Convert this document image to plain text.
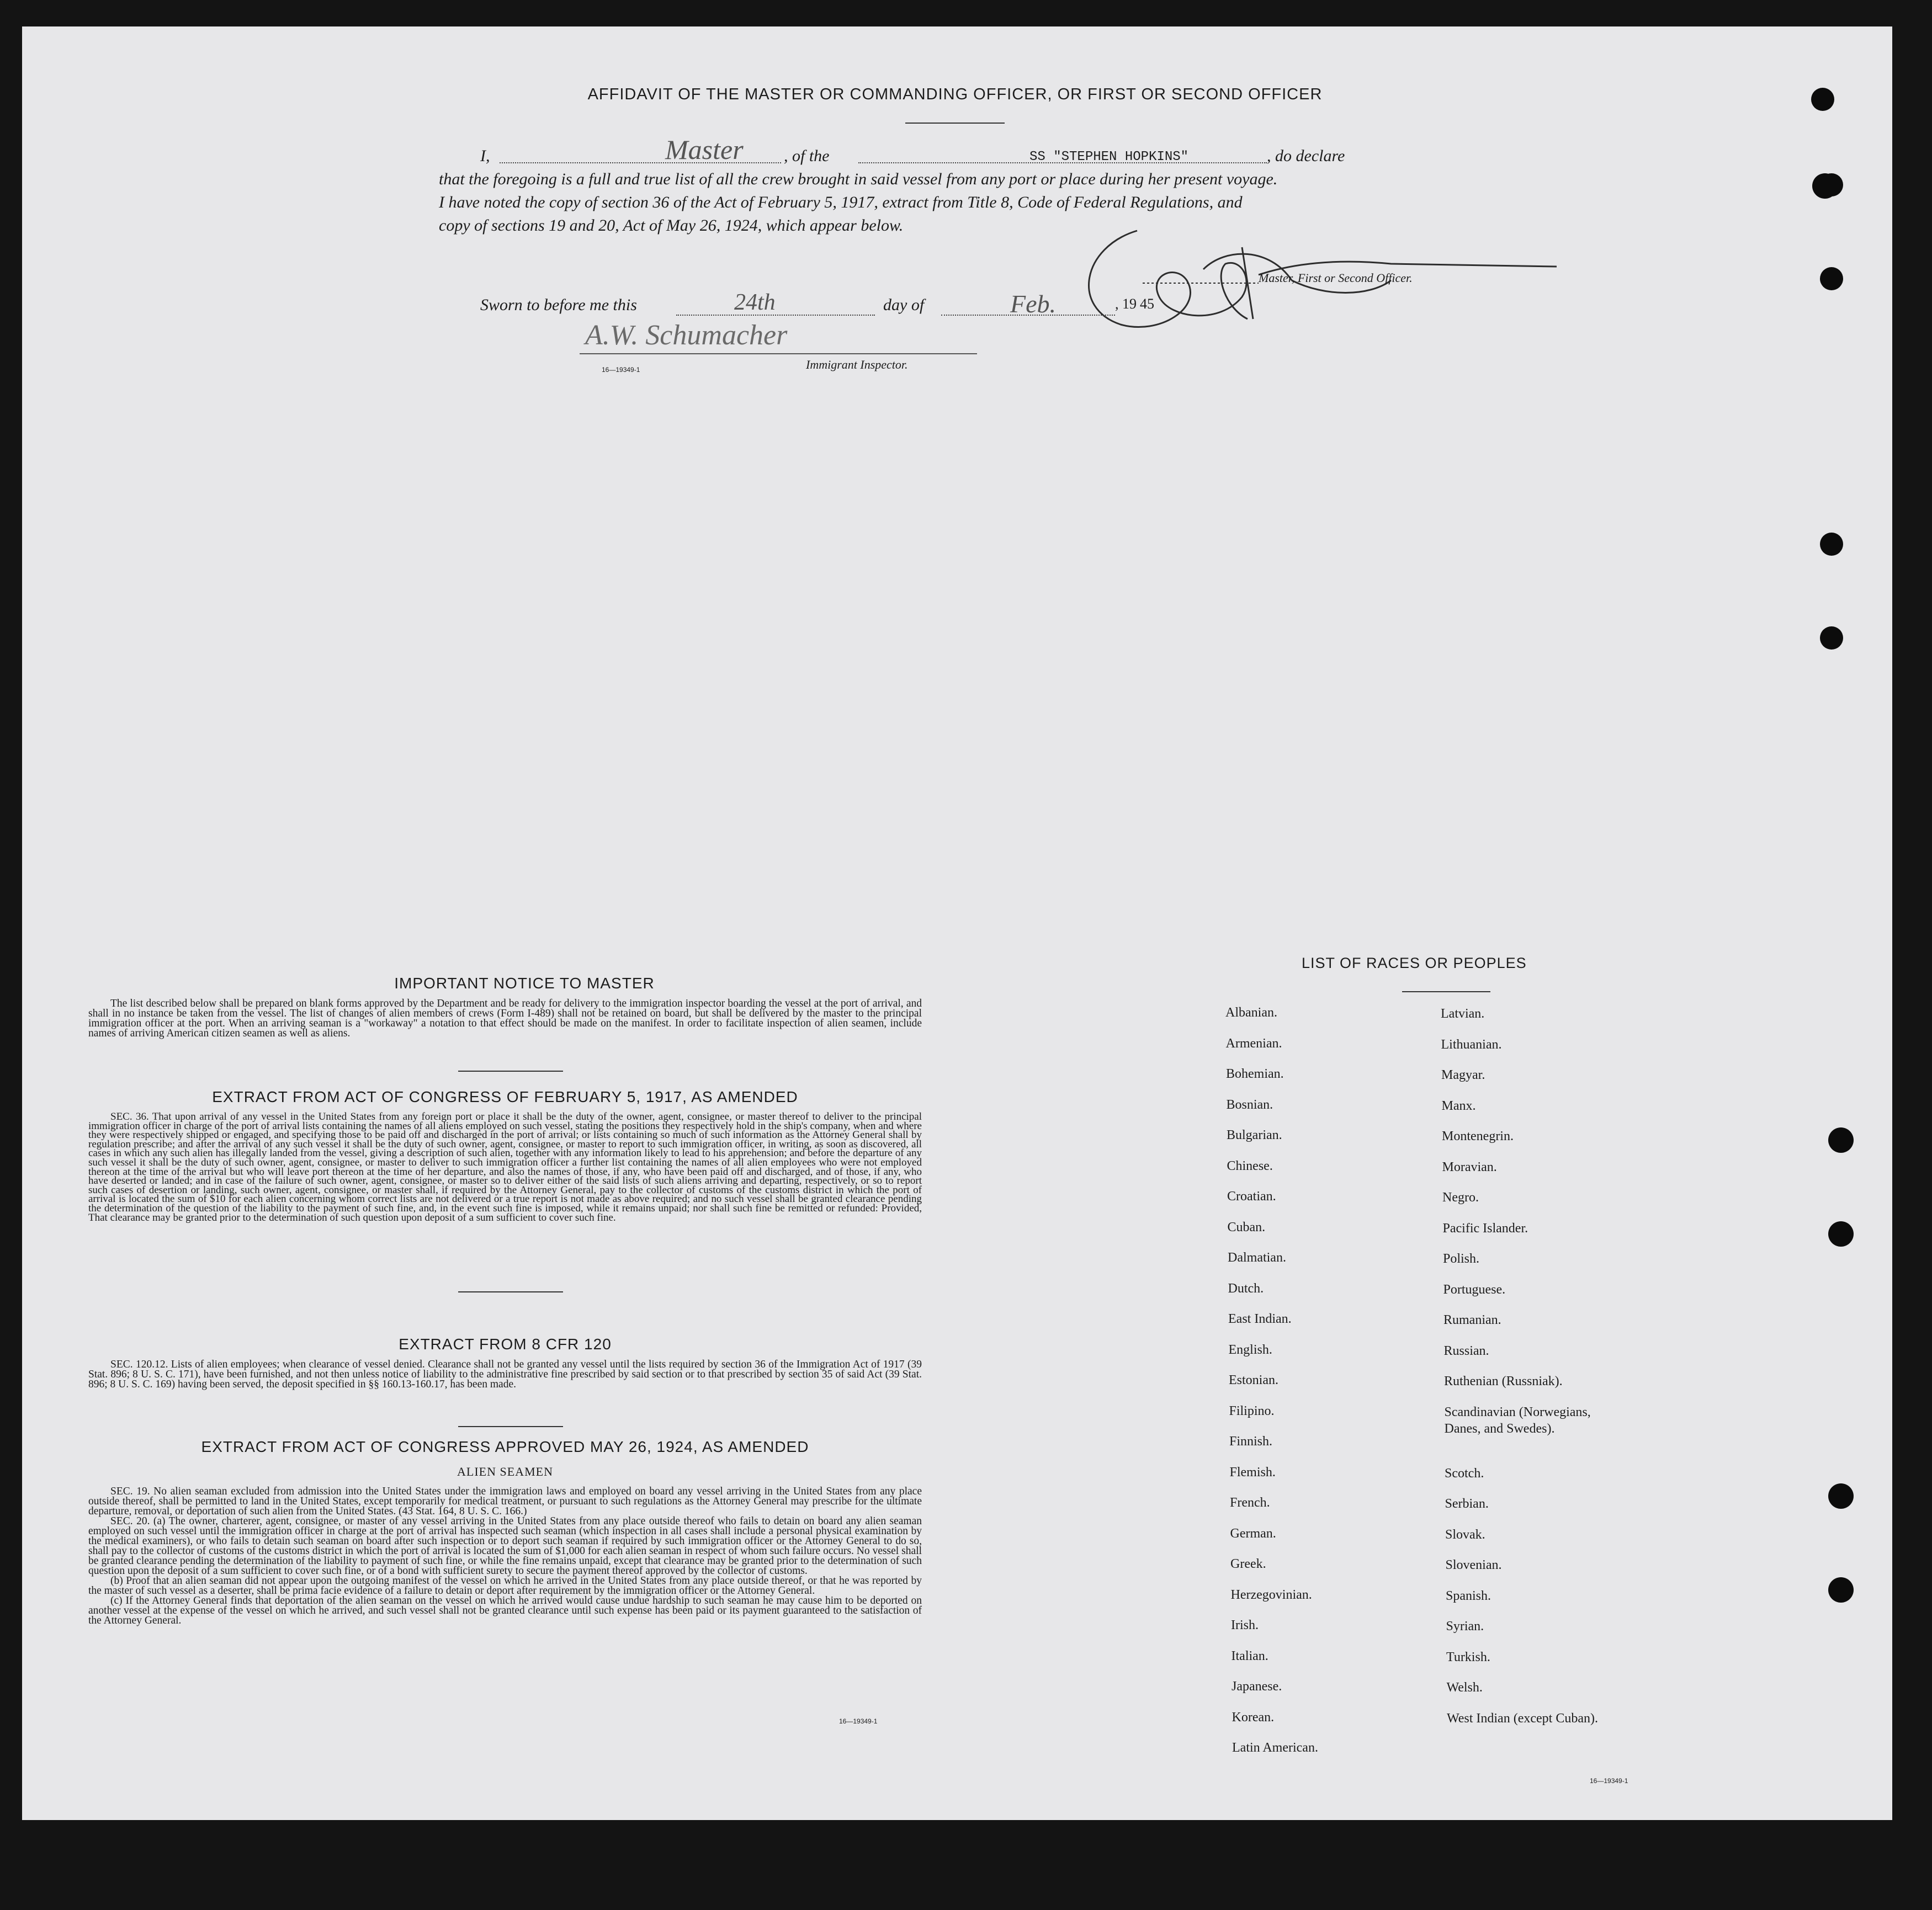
AFFIDAVIT OF THE MASTER OR COMMANDING OFFICER, OR FIRST OR SECOND OFFICER
I,	Master , of the	SS "STEPHEN HOPKINS"	, do declare
that the foregoing is a full and true list of all the crew brought in said vessel from any port or place during her present voyage.
I have noted the copy of section 36 of the Act of February 5, 1917, extract from Title 8, Code of Federal Regulations, and
copy of sections 19 and 20, Act of May 26, 1924, which appear below.
Master, First or Second Officer.
Sworn to before me this	24th	day of	Feb.	, 19 45
A.W. Schumacher
16—19349-1	Immigrant Inspector.
IMPORTANT NOTICE TO MASTER
The list described below shall be prepared on blank forms approved by the Department and be ready for delivery to the immigration inspector boarding the vessel at the port of arrival, and shall in no instance be taken from the vessel. The list of changes of alien members of crews (Form I-489) shall not be retained on board, but shall be delivered by the master to the principal immigration officer at the port. When an arriving seaman is a "workaway" a notation to that effect should be made on the manifest. In order to facilitate inspection of alien seamen, include names of arriving American citizen seamen as well as aliens.
EXTRACT FROM ACT OF CONGRESS OF FEBRUARY 5, 1917, AS AMENDED
SEC. 36. That upon arrival of any vessel in the United States from any foreign port or place it shall be the duty of the owner, agent, consignee, or master thereof to deliver to the principal immigration officer in charge of the port of arrival lists containing the names of all aliens employed on such vessel, stating the positions they respectively hold in the ship's company, when and where they were respectively shipped or engaged, and specifying those to be paid off and discharged in the port of arrival; or lists containing so much of such information as the Attorney General shall by regulation prescribe; and after the arrival of any such vessel it shall be the duty of such owner, agent, consignee, or master to report to such immigration officer, in writing, as soon as discovered, all cases in which any such alien has illegally landed from the vessel, giving a description of such alien, together with any information likely to lead to his apprehension; and before the departure of any such vessel it shall be the duty of such owner, agent, consignee, or master to deliver to such immigration officer a further list containing the names of all alien employees who were not employed thereon at the time of the arrival but who will leave port thereon at the time of her departure, and also the names of those, if any, who have been paid off and discharged, and of those, if any, who have deserted or landed; and in case of the failure of such owner, agent, consignee, or master so to deliver either of the said lists of such aliens arriving and departing, respectively, or so to report such cases of desertion or landing, such owner, agent, consignee, or master shall, if required by the Attorney General, pay to the collector of customs of the customs district in which the port of arrival is located the sum of $10 for each alien concerning whom correct lists are not delivered or a true report is not made as above required; and no such vessel shall be granted clearance pending the determination of the question of the liability to the payment of such fine, and, in the event such fine is imposed, while it remains unpaid; nor shall such fine be remitted or refunded: Provided, That clearance may be granted prior to the determination of such question upon deposit of a sum sufficient to cover such fine.
EXTRACT FROM 8 CFR 120
SEC. 120.12. Lists of alien employees; when clearance of vessel denied. Clearance shall not be granted any vessel until the lists required by section 36 of the Immigration Act of 1917 (39 Stat. 896; 8 U. S. C. 171), have been furnished, and not then unless notice of liability to the administrative fine prescribed by said section or to that prescribed by section 35 of said Act (39 Stat. 896; 8 U. S. C. 169) having been served, the deposit specified in §§ 160.13-160.17, has been made.
EXTRACT FROM ACT OF CONGRESS APPROVED MAY 26, 1924, AS AMENDED
ALIEN SEAMEN

SEC. 19. No alien seaman excluded from admission into the United States under the immigration laws and employed on board any vessel arriving in the United States from any place outside thereof, shall be permitted to land in the United States, except temporarily for medical treatment, or pursuant to such regulations as the Attorney General may prescribe for the ultimate departure, removal, or deportation of such alien from the United States. (43 Stat. 164, 8 U. S. C. 166.)

SEC. 20. (a) The owner, charterer, agent, consignee, or master of any vessel arriving in the United States from any place outside thereof who fails to detain on board any alien seaman employed on such vessel until the immigration officer in charge at the port of arrival has inspected such seaman (which inspection in all cases shall include a personal physical examination by the medical examiners), or who fails to detain such seaman on board after such inspection or to deport such seaman if required by such immigration officer or the Attorney General to do so, shall pay to the collector of customs of the customs district in which the port of arrival is located the sum of $1,000 for each alien seaman in respect of whom such failure occurs. No vessel shall be granted clearance pending the determination of the liability to payment of such fine, or while the fine remains unpaid, except that clearance may be granted prior to the determination of such question upon the deposit of a sum sufficient to cover such fine, or of a bond with sufficient surety to secure the payment thereof approved by the collector of customs.

(b) Proof that an alien seaman did not appear upon the outgoing manifest of the vessel on which he arrived in the United States from any place outside thereof, or that he was reported by the master of such vessel as a deserter, shall be prima facie evidence of a failure to detain or deport after requirement by the immigration officer or the Attorney General.

(c) If the Attorney General finds that deportation of the alien seaman on the vessel on which he arrived would cause undue hardship to such seaman he may cause him to be deported on another vessel at the expense of the vessel on which he arrived, and such vessel shall not be granted clearance until such expense has been paid or its payment guaranteed to the satisfaction of the Attorney General.

16—19349-1
LIST OF RACES OR PEOPLES
16—19349-1
Albanian.
Armenian.
Bohemian.
Bosnian.
Bulgarian.
Chinese.
Croatian.
Cuban.
Dalmatian.
Dutch.
East Indian.
English.
Estonian.
Filipino.
Finnish.
Flemish.
French.
German.
Greek.
Herzegovinian.
Irish.
Italian.
Japanese.
Korean.
Latin American.
Latvian.
Lithuanian.
Magyar.
Manx.
Montenegrin.
Moravian.
Negro.
Pacific Islander.
Polish.
Portuguese.
Rumanian.
Russian.
Ruthenian (Russniak).
Scandinavian (Norwegians,
Danes, and Swedes).
Scotch.
Serbian.
Slovak.
Slovenian.
Spanish.
Syrian.
Turkish.
Welsh.
West Indian (except Cuban).
